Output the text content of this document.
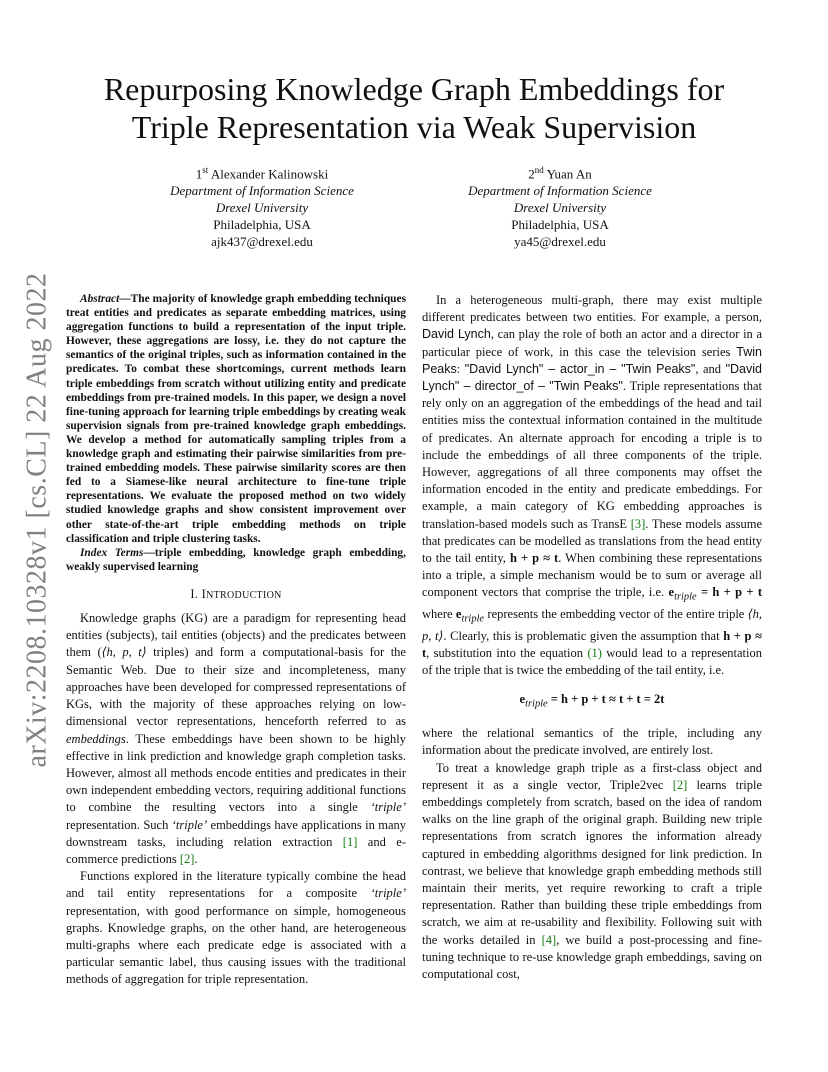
arXiv:2208.10328v1 [cs.CL] 22 Aug 2022
Repurposing Knowledge Graph Embeddings for
Triple Representation via Weak Supervision
1st Alexander Kalinowski
Department of Information Science
Drexel University
Philadelphia, USA
ajk437@drexel.edu
2nd Yuan An
Department of Information Science
Drexel University
Philadelphia, USA
ya45@drexel.edu

Abstract—The majority of knowledge graph embedding techniques treat entities and predicates as separate embedding matrices, using aggregation functions to build a representation of the input triple. However, these aggregations are lossy, i.e. they do not capture the semantics of the original triples, such as information contained in the predicates. To combat these shortcomings, current methods learn triple embeddings from scratch without utilizing entity and predicate embeddings from pre-trained models. In this paper, we design a novel fine-tuning approach for learning triple embeddings by creating weak supervision signals from pre-trained knowledge graph embeddings. We develop a method for automatically sampling triples from a knowledge graph and estimating their pairwise similarities from pre-trained embedding models. These pairwise similarity scores are then fed to a Siamese-like neural architecture to fine-tune triple representations. We evaluate the proposed method on two widely studied knowledge graphs and show consistent improvement over other state-of-the-art triple embedding methods on triple classification and triple clustering tasks.

Index Terms—triple embedding, knowledge graph embedding, weakly supervised learning

I. INTRODUCTION

Knowledge graphs (KG) are a paradigm for representing head entities (subjects), tail entities (objects) and the predicates between them (⟨h, p, t⟩ triples) and form a computational-basis for the Semantic Web. Due to their size and incompleteness, many approaches have been developed for compressed representations of KGs, with the majority of these approaches relying on low-dimensional vector representations, henceforth referred to as embeddings. These embeddings have been shown to be highly effective in link prediction and knowledge graph completion tasks. However, almost all methods encode entities and predicates in their own independent embedding vectors, requiring additional functions to combine the resulting vectors into a single ‘triple’ representation. Such ‘triple’ embeddings have applications in many downstream tasks, including relation extraction [1] and e-commerce predictions [2].

Functions explored in the literature typically combine the head and tail entity representations for a composite ‘triple’ representation, with good performance on simple, homogeneous graphs. Knowledge graphs, on the other hand, are heterogeneous multi-graphs where each predicate edge is associated with a particular semantic label, thus causing issues with the traditional methods of aggregation for triple representation.

In a heterogeneous multi-graph, there may exist multiple different predicates between two entities. For example, a person, David Lynch, can play the role of both an actor and a director in a particular piece of work, in this case the television series Twin Peaks: "David Lynch" – actor_in – "Twin Peaks", and "David Lynch" – director_of – "Twin Peaks". Triple representations that rely only on an aggregation of the embeddings of the head and tail entities miss the contextual information contained in the multitude of predicates. An alternate approach for encoding a triple is to include the embeddings of all three components of the triple. However, aggregations of all three components may offset the information encoded in the entity and predicate embeddings. For example, a main category of KG embedding approaches is translation-based models such as TransE [3]. These models assume that predicates can be modelled as translations from the head entity to the tail entity, h + p ≈ t. When combining these representations into a triple, a simple mechanism would be to sum or average all component vectors that comprise the triple, i.e. $e_{triple} = h + p + t$ where $e_{triple}$ represents the embedding vector of the entire triple ⟨h, p, t⟩. Clearly, this is problematic given the assumption that h + p ≈ t, substitution into the equation (1) would lead to a representation of the triple that is twice the embedding of the tail entity, i.e.

$e_{triple} = h + p + t \approx t + t = 2t$

where the relational semantics of the triple, including any information about the predicate involved, are entirely lost.

To treat a knowledge graph triple as a first-class object and represent it as a single vector, Triple2vec [2] learns triple embeddings completely from scratch, based on the idea of random walks on the line graph of the original graph. Building new triple representations from scratch ignores the information already captured in embedding algorithms designed for link prediction. In contrast, we believe that knowledge graph embedding methods still maintain their merits, yet require reworking to craft a triple representation. Rather than building these triple embeddings from scratch, we aim at re-usability and flexibility. Following suit with the works detailed in [4], we build a post-processing and fine-tuning technique to re-use knowledge graph embeddings, saving on computational cost,
